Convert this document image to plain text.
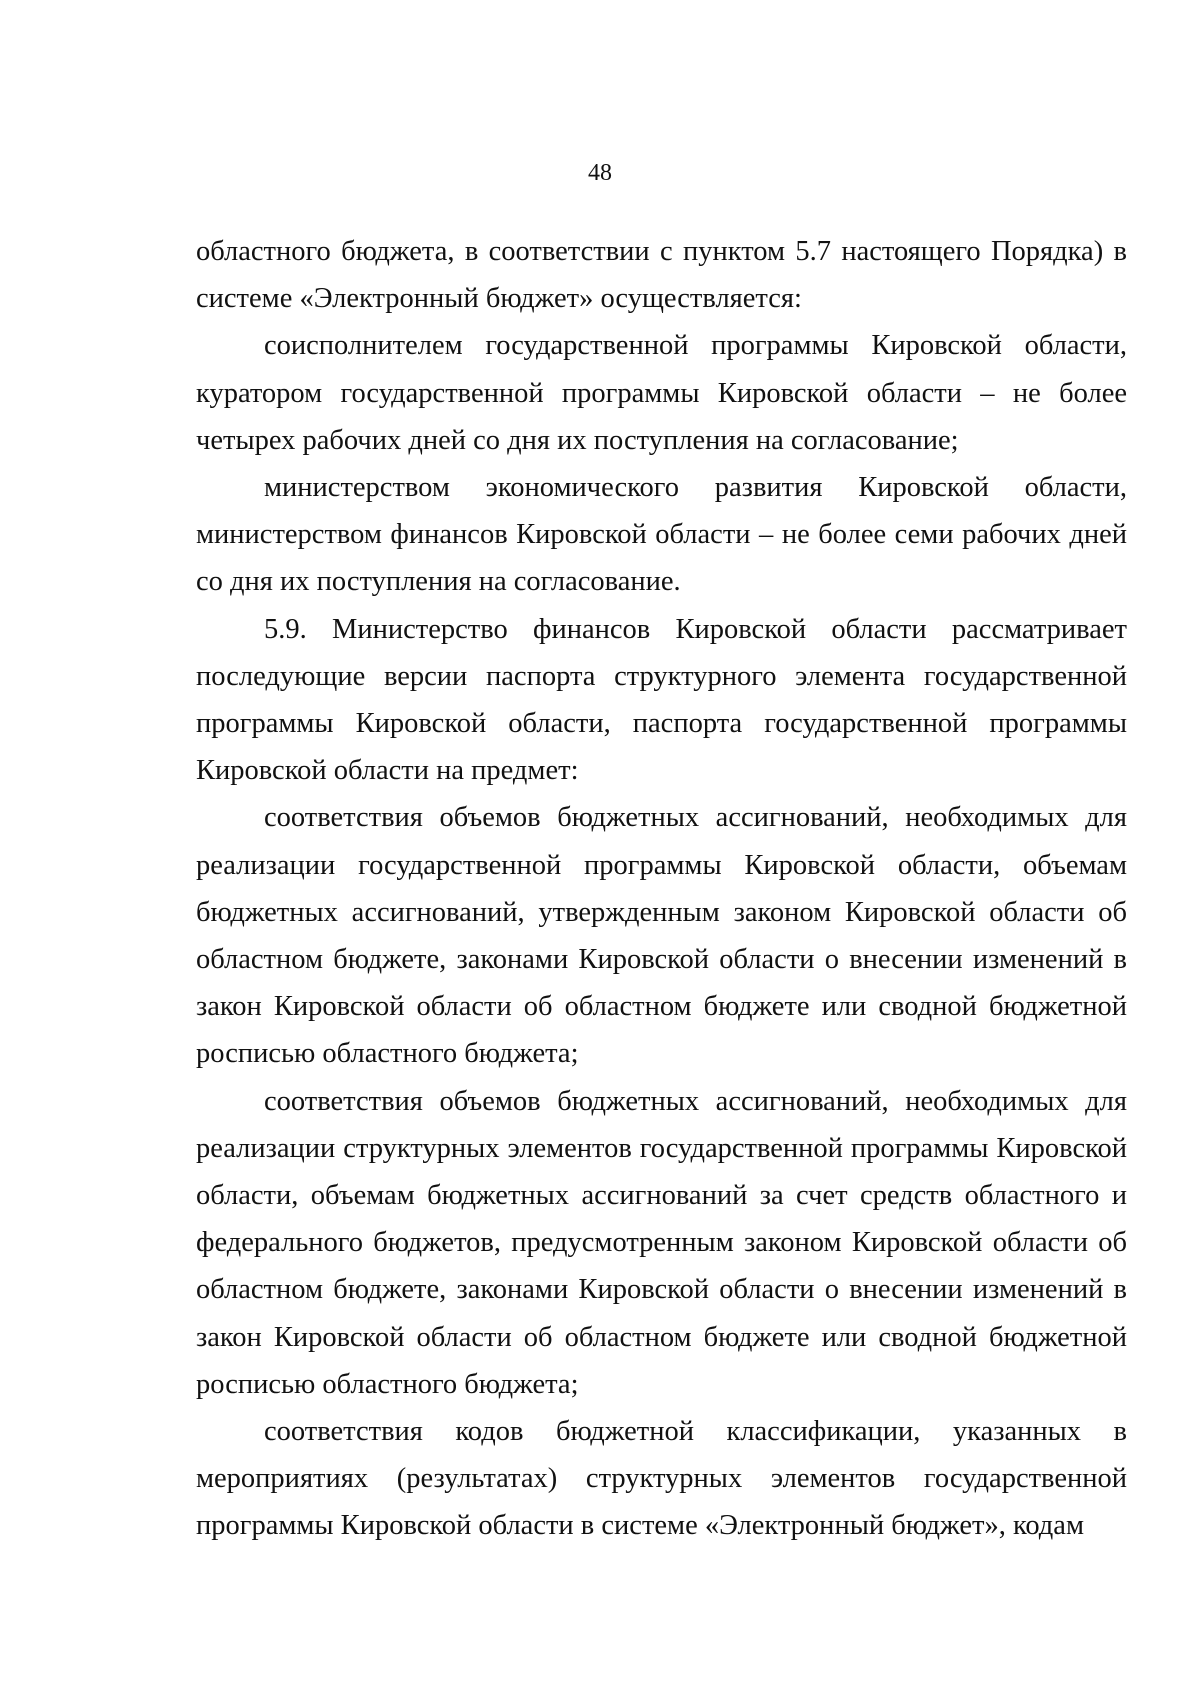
48

областного бюджета, в соответствии с пунктом 5.7 настоящего Порядка) в системе «Электронный бюджет» осуществляется:

соисполнителем государственной программы Кировской области, куратором государственной программы Кировской области – не более четырех рабочих дней со дня их поступления на согласование;

министерством экономического развития Кировской области, министерством финансов Кировской области – не более семи рабочих дней со дня их поступления на согласование.

5.9. Министерство финансов Кировской области рассматривает последующие версии паспорта структурного элемента государственной программы Кировской области, паспорта государственной программы Кировской области на предмет:

соответствия объемов бюджетных ассигнований, необходимых для реализации государственной программы Кировской области, объемам бюджетных ассигнований, утвержденным законом Кировской области об областном бюджете, законами Кировской области о внесении изменений в закон Кировской области об областном бюджете или сводной бюджетной росписью областного бюджета;

соответствия объемов бюджетных ассигнований, необходимых для реализации структурных элементов государственной программы Кировской области, объемам бюджетных ассигнований за счет средств областного и федерального бюджетов, предусмотренным законом Кировской области об областном бюджете, законами Кировской области о внесении изменений в закон Кировской области об областном бюджете или сводной бюджетной росписью областного бюджета;

соответствия кодов бюджетной классификации, указанных в мероприятиях (результатах) структурных элементов государственной программы Кировской области в системе «Электронный бюджет», кодам
